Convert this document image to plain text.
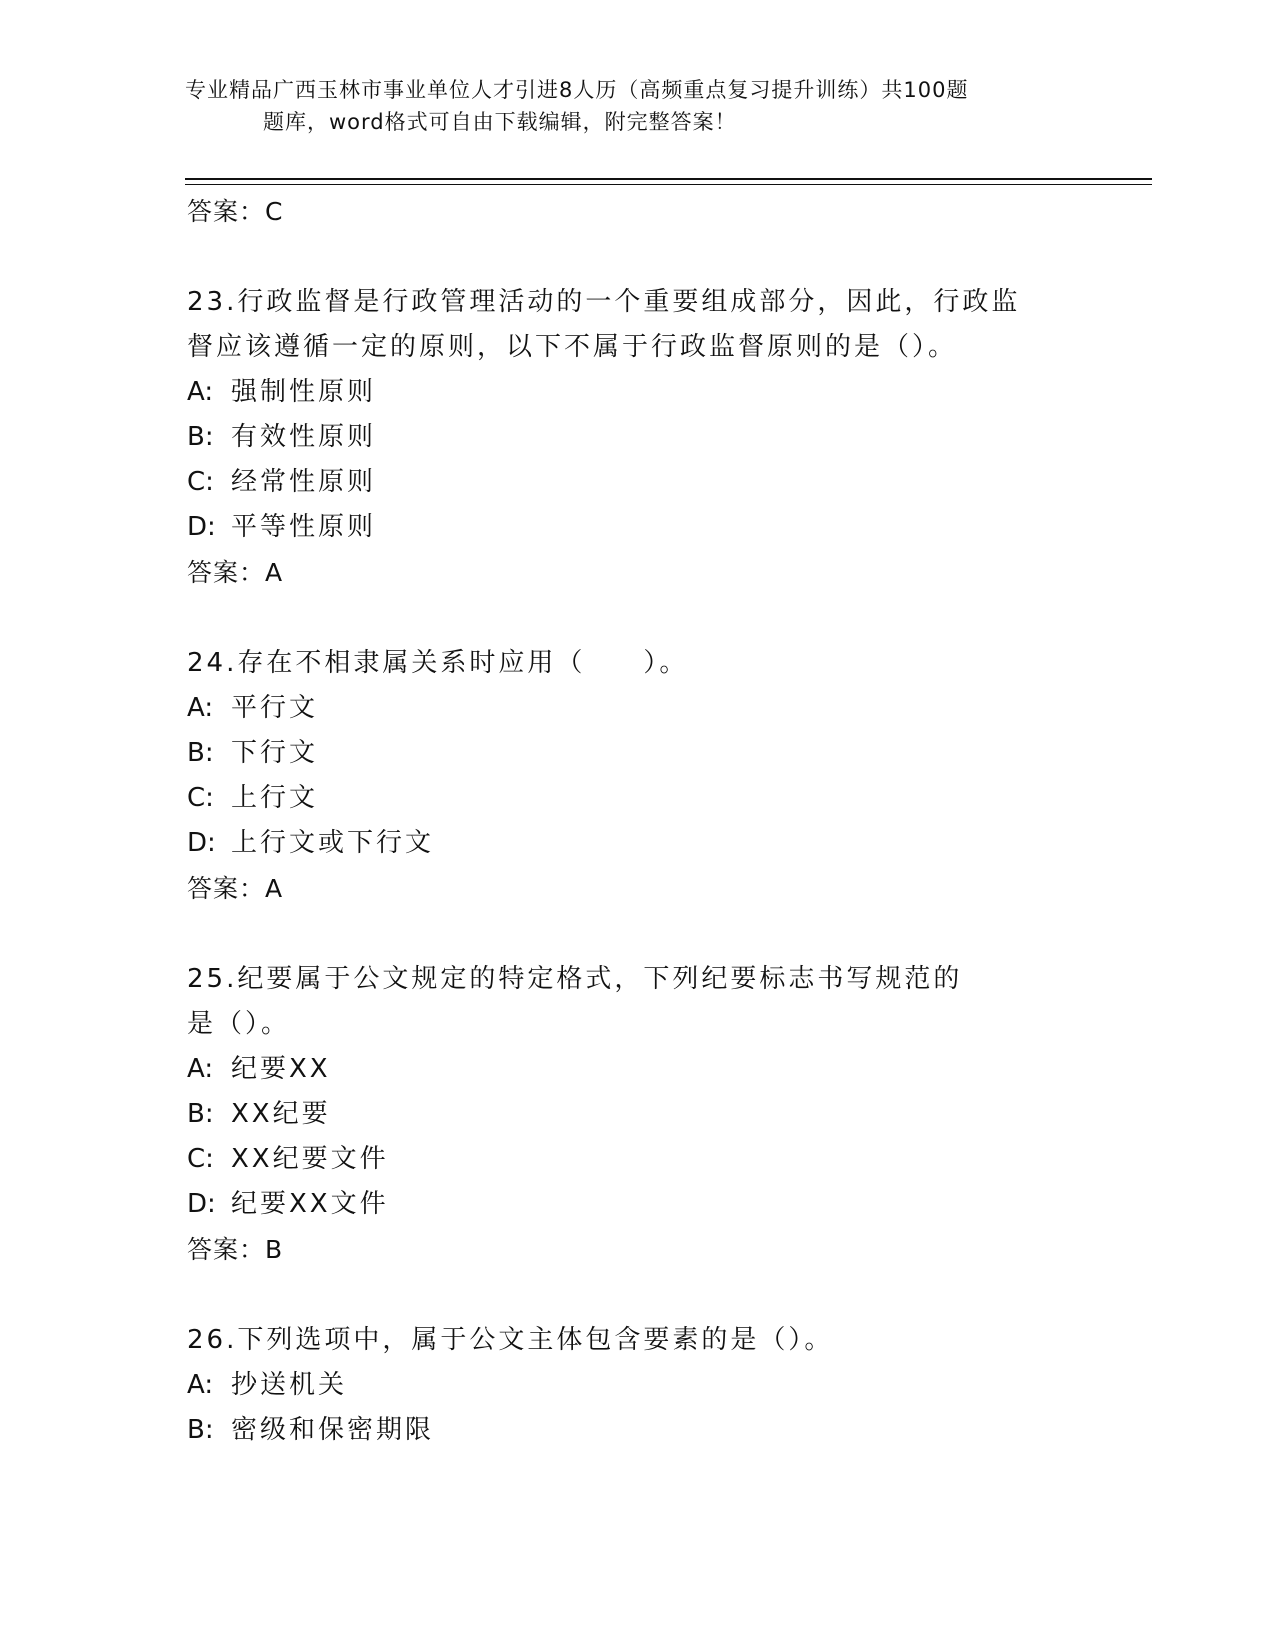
专业精品广西玉林市事业单位人才引进8人历（高频重点复习提升训练）共100题
题库，word格式可自由下载编辑，附完整答案！
答案：C
23.行政监督是行政管理活动的一个重要组成部分，因此，行政监督应该遵循一定的原则，以下不属于行政监督原则的是（）。
A: 强制性原则
B: 有效性原则
C: 经常性原则
D: 平等性原则
答案：A
24.存在不相隶属关系时应用（　　）。
A: 平行文
B: 下行文
C: 上行文
D: 上行文或下行文
答案：A
25.纪要属于公文规定的特定格式，下列纪要标志书写规范的是（）。
A: 纪要XX
B: XX纪要
C: XX纪要文件
D: 纪要XX文件
答案：B
26.下列选项中，属于公文主体包含要素的是（）。
A: 抄送机关
B: 密级和保密期限
